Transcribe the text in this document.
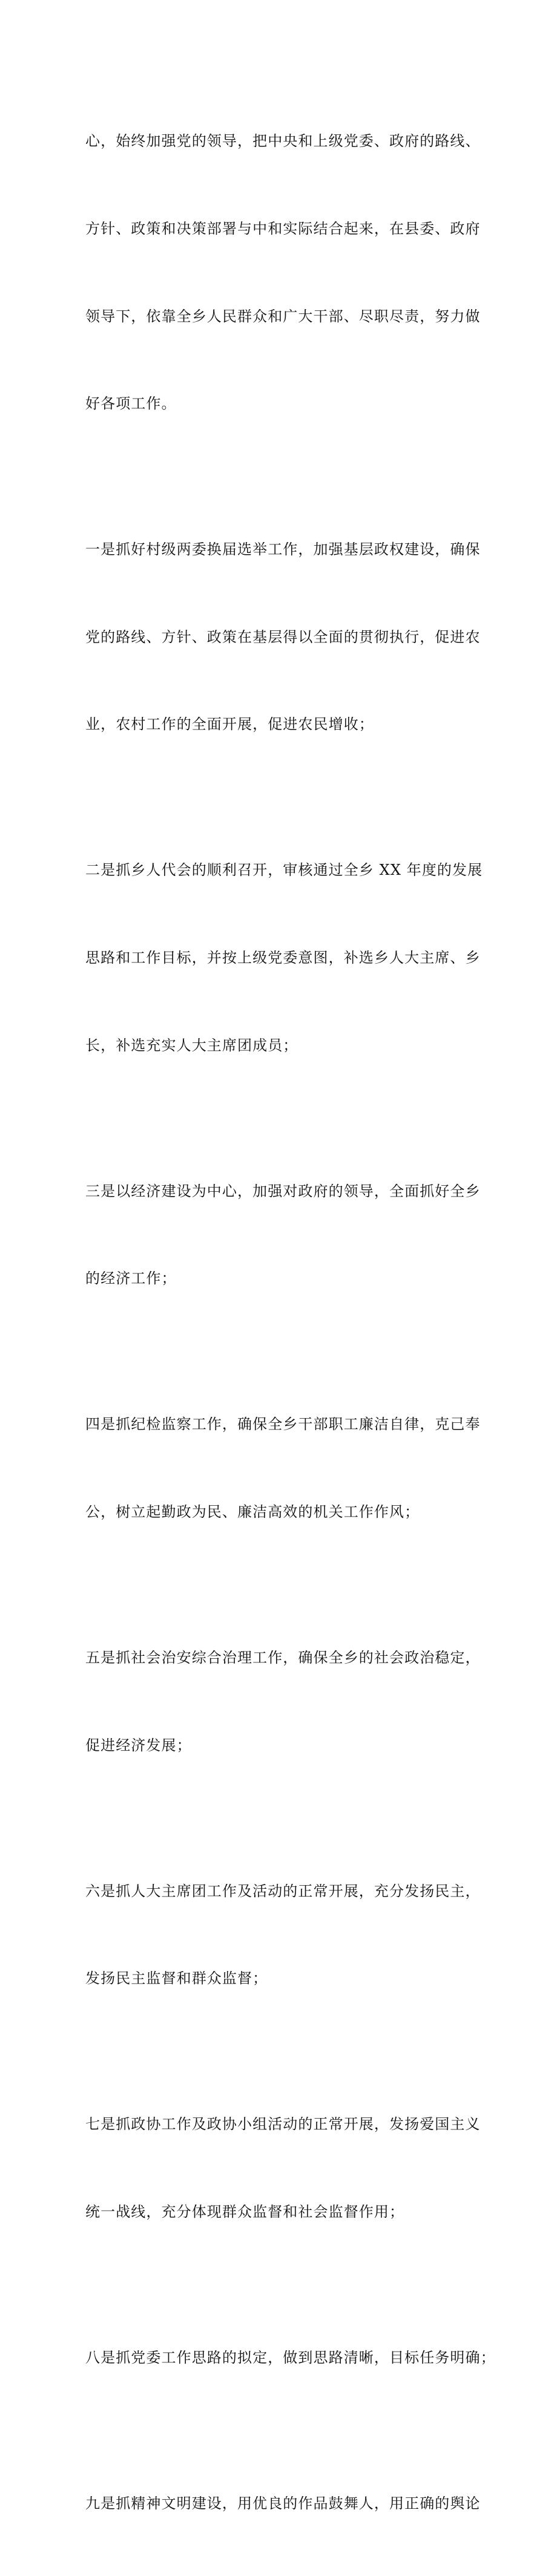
心，始终加强党的领导，把中央和上级党委、政府的路线、

方针、政策和决策部署与中和实际结合起来，在县委、政府

领导下，依靠全乡人民群众和广大干部、尽职尽责，努力做

好各项工作。

一是抓好村级两委换届选举工作，加强基层政权建设，确保

党的路线、方针、政策在基层得以全面的贯彻执行，促进农

业，农村工作的全面开展，促进农民增收；

二是抓乡人代会的顺利召开，审核通过全乡 XX 年度的发展

思路和工作目标，并按上级党委意图，补选乡人大主席、乡

长，补选充实人大主席团成员；

三是以经济建设为中心，加强对政府的领导，全面抓好全乡

的经济工作；

四是抓纪检监察工作，确保全乡干部职工廉洁自律，克己奉

公，树立起勤政为民、廉洁高效的机关工作作风；

五是抓社会治安综合治理工作，确保全乡的社会政治稳定，

促进经济发展；

六是抓人大主席团工作及活动的正常开展，充分发扬民主，

发扬民主监督和群众监督；

七是抓政协工作及政协小组活动的正常开展，发扬爱国主义

统一战线，充分体现群众监督和社会监督作用；

八是抓党委工作思路的拟定，做到思路清晰，目标任务明确；

九是抓精神文明建设，用优良的作品鼓舞人，用正确的舆论
